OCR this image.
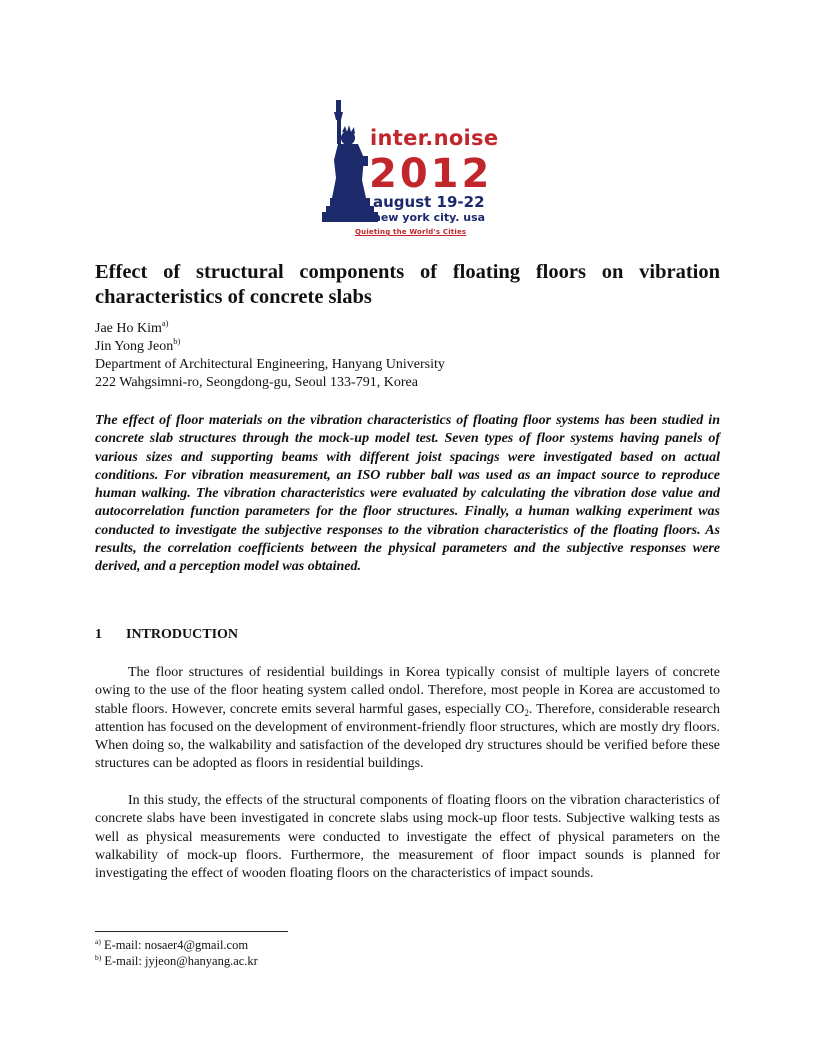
inter.noise
2012
august 19-22
new york city. usa
Quieting the World's Cities
Effect of structural components of floating floors on vibration
characteristics of concrete slabs
Jae Ho Kim$^{a)}$
Jin Yong Jeon$^{b)}$
Department of Architectural Engineering, Hanyang University
222 Wahgsimni-ro, Seongdong-gu, Seoul 133-791, Korea

The effect of floor materials on the vibration characteristics of floating floor systems has been studied in concrete slab structures through the mock-up model test. Seven types of floor systems having panels of various sizes and supporting beams with different joist spacings were investigated based on actual conditions. For vibration measurement, an ISO rubber ball was used as an impact source to reproduce human walking. The vibration characteristics were evaluated by calculating the vibration dose value and autocorrelation function parameters for the floor structures. Finally, a human walking experiment was conducted to investigate the subjective responses to the vibration characteristics of the floating floors. As results, the correlation coefficients between the physical parameters and the subjective responses were derived, and a perception model was obtained.

1 INTRODUCTION

The floor structures of residential buildings in Korea typically consist of multiple layers of concrete owing to the use of the floor heating system called ondol. Therefore, most people in Korea are accustomed to stable floors. However, concrete emits several harmful gases, especially $CO_2$. Therefore, considerable research attention has focused on the development of environment-friendly floor structures, which are mostly dry floors. When doing so, the walkability and satisfaction of the developed dry structures should be verified before these structures can be adopted as floors in residential buildings.

In this study, the effects of the structural components of floating floors on the vibration characteristics of concrete slabs have been investigated in concrete slabs using mock-up floor tests. Subjective walking tests as well as physical measurements were conducted to investigate the effect of physical parameters on the walkability of mock-up floors. Furthermore, the measurement of floor impact sounds is planned for investigating the effect of wooden floating floors on the characteristics of impact sounds.

$^{a)}$ E-mail: nosaer4@gmail.com
$^{b)}$ E-mail: jyjeon@hanyang.ac.kr
